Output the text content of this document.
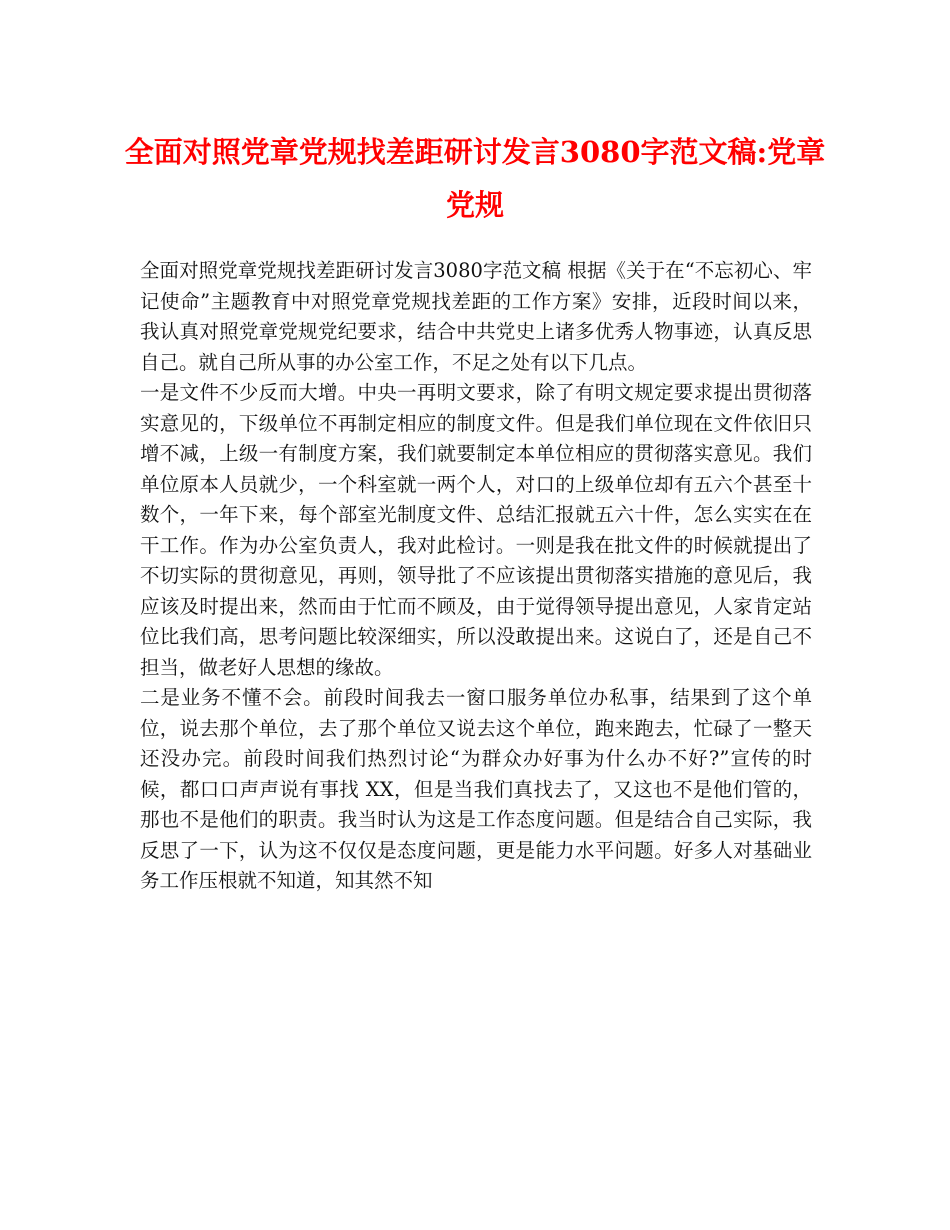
全面对照党章党规找差距研讨发言3080字范文稿:党章党规

全面对照党章党规找差距研讨发言3080字范文稿 根据《关于在“不忘初心、牢记使命”主题教育中对照党章党规找差距的工作方案》安排，近段时间以来，我认真对照党章党规党纪要求，结合中共党史上诸多优秀人物事迹，认真反思自己。就自己所从事的办公室工作，不足之处有以下几点。

一是文件不少反而大增。中央一再明文要求，除了有明文规定要求提出贯彻落实意见的，下级单位不再制定相应的制度文件。但是我们单位现在文件依旧只增不减，上级一有制度方案，我们就要制定本单位相应的贯彻落实意见。我们单位原本人员就少，一个科室就一两个人，对口的上级单位却有五六个甚至十数个，一年下来，每个部室光制度文件、总结汇报就五六十件，怎么实实在在干工作。作为办公室负责人，我对此检讨。一则是我在批文件的时候就提出了不切实际的贯彻意见，再则，领导批了不应该提出贯彻落实措施的意见后，我应该及时提出来，然而由于忙而不顾及，由于觉得领导提出意见，人家肯定站位比我们高，思考问题比较深细实，所以没敢提出来。这说白了，还是自己不担当，做老好人思想的缘故。

二是业务不懂不会。前段时间我去一窗口服务单位办私事，结果到了这个单位，说去那个单位，去了那个单位又说去这个单位，跑来跑去，忙碌了一整天还没办完。前段时间我们热烈讨论“为群众办好事为什么办不好?”宣传的时候，都口口声声说有事找 XX，但是当我们真找去了，又这也不是他们管的，那也不是他们的职责。我当时认为这是工作态度问题。但是结合自己实际，我反思了一下，认为这不仅仅是态度问题，更是能力水平问题。好多人对基础业务工作压根就不知道，知其然不知
